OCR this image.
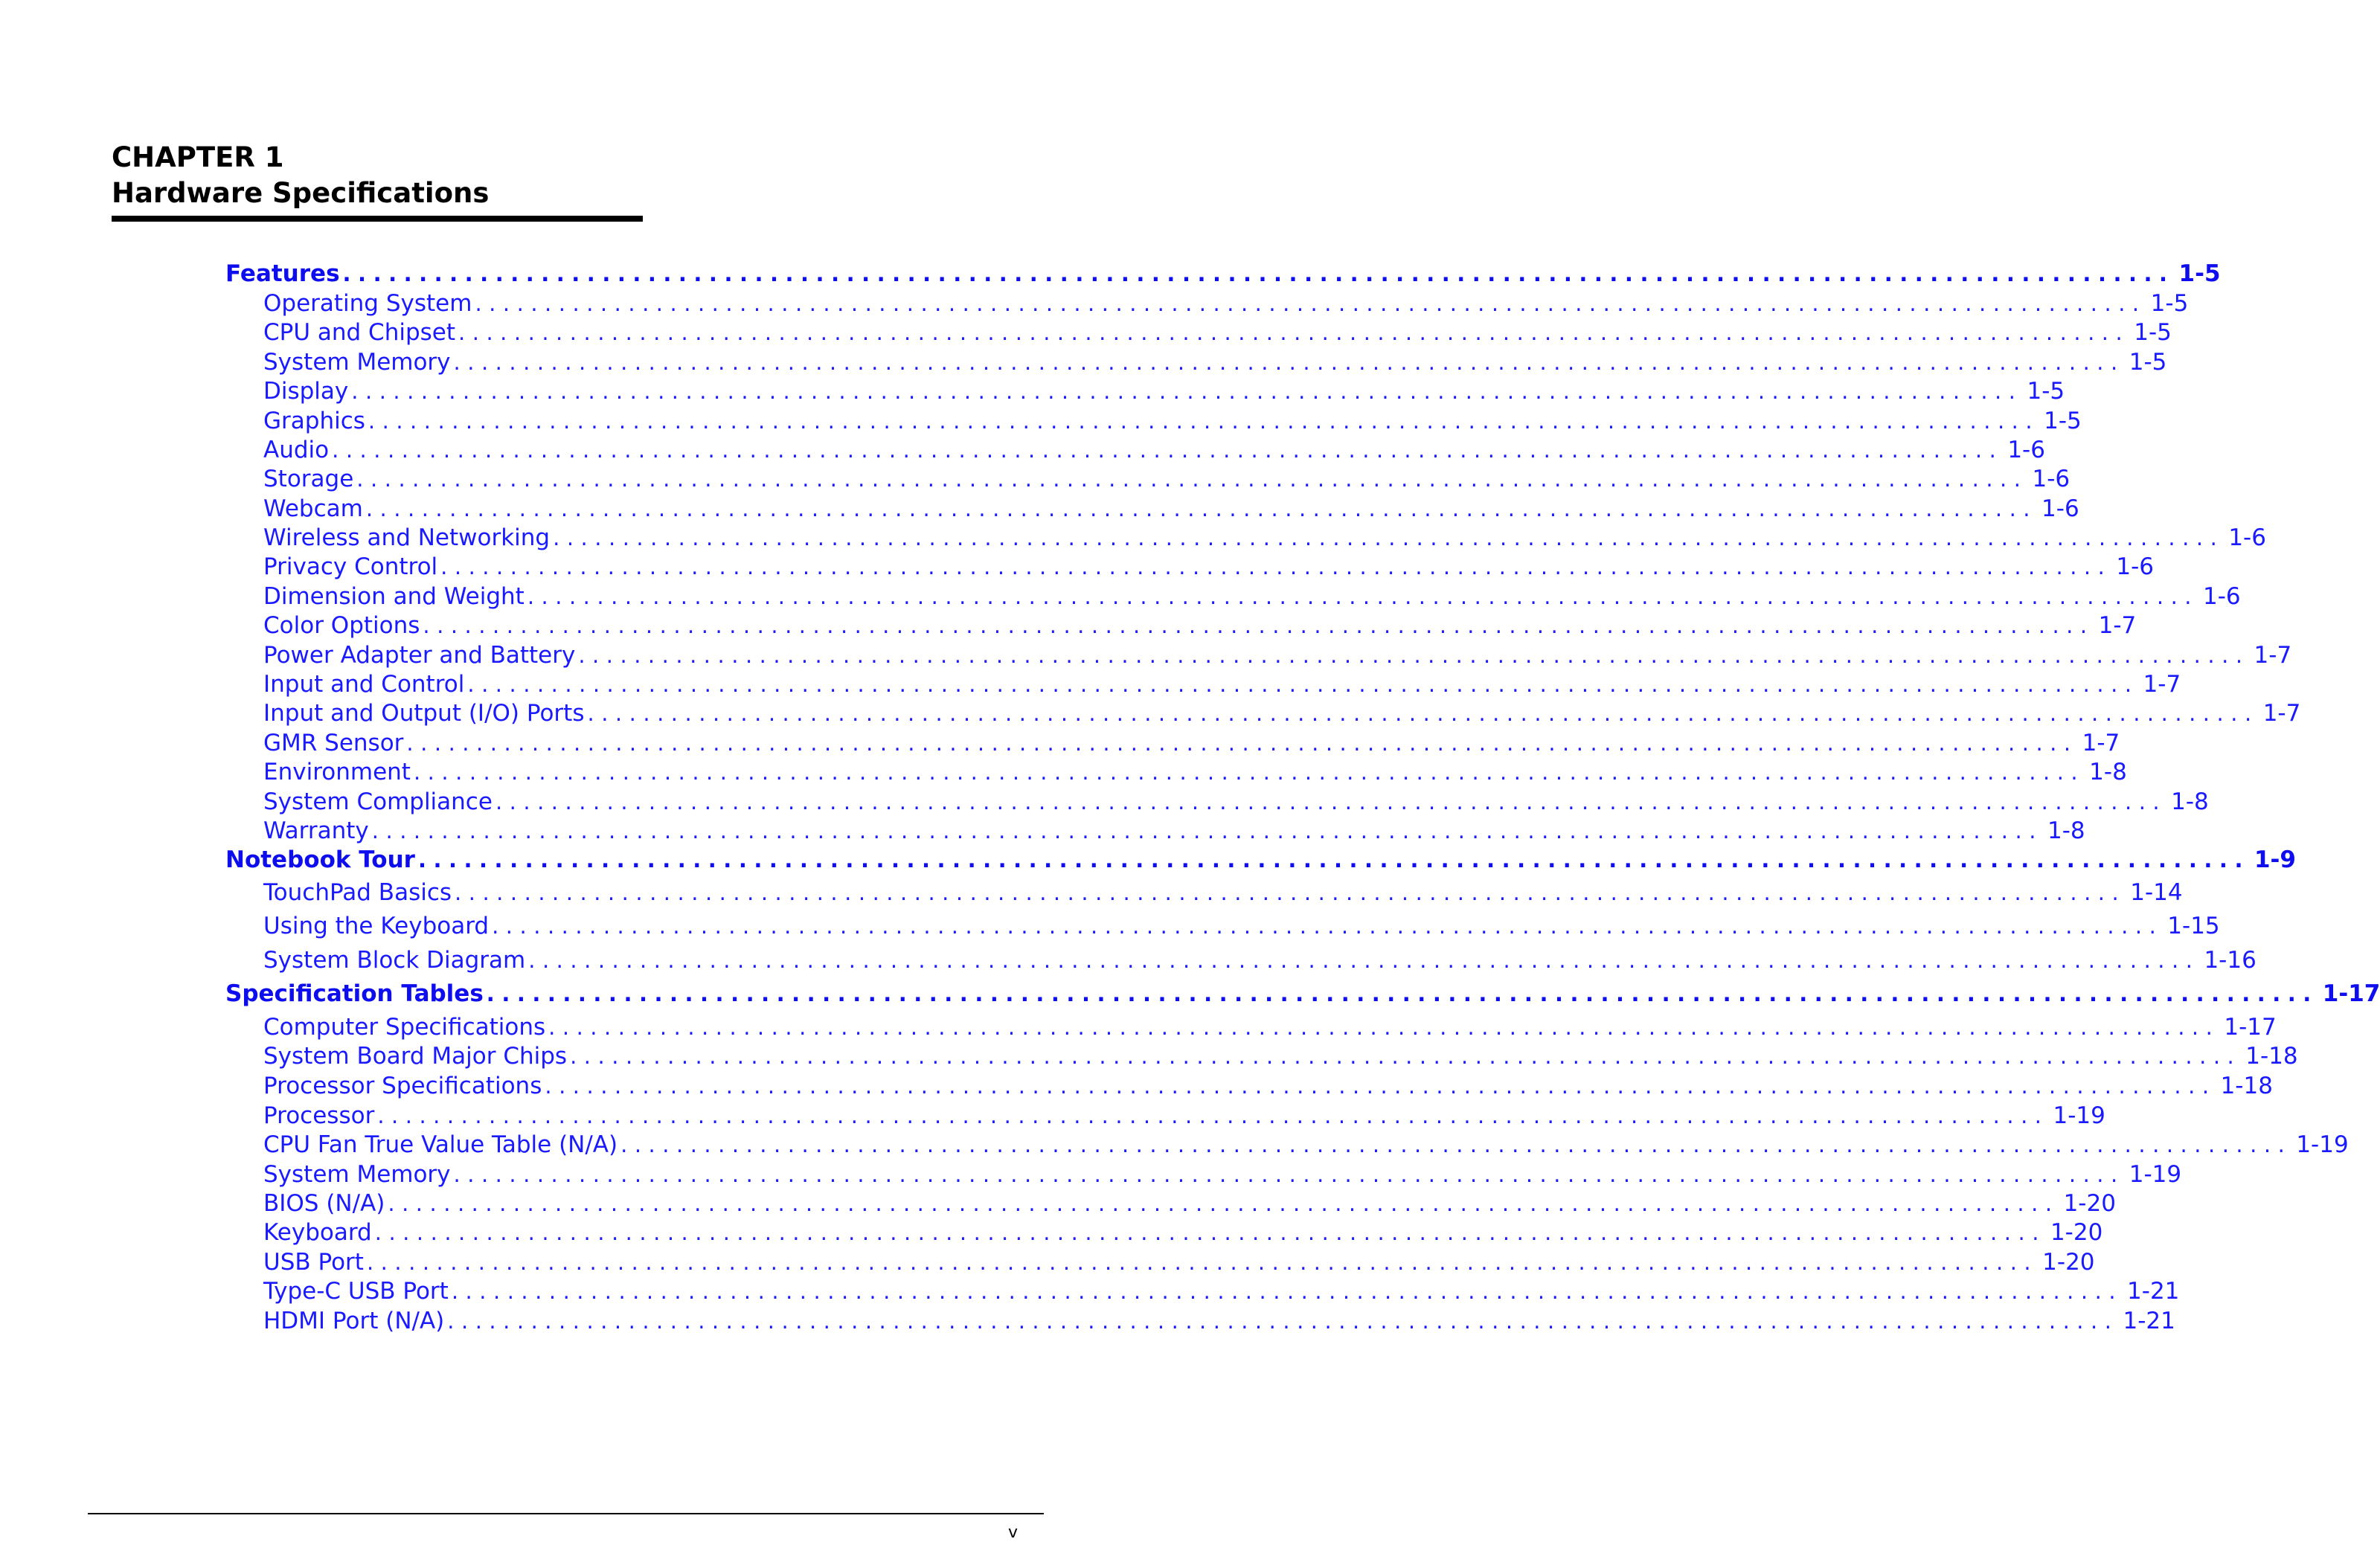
CHAPTER 1
Hardware Specifications
Features ........................................................................................................................ 1-5
Operating System ........................................................................................................................ 1-5
CPU and Chipset ........................................................................................................................ 1-5
System Memory ........................................................................................................................ 1-5
Display ........................................................................................................................ 1-5
Graphics ........................................................................................................................ 1-5
Audio ........................................................................................................................ 1-6
Storage ........................................................................................................................ 1-6
Webcam ........................................................................................................................ 1-6
Wireless and Networking ........................................................................................................................ 1-6
Privacy Control ........................................................................................................................ 1-6
Dimension and Weight ........................................................................................................................ 1-6
Color Options ........................................................................................................................ 1-7
Power Adapter and Battery ........................................................................................................................ 1-7
Input and Control ........................................................................................................................ 1-7
Input and Output (I/O) Ports ........................................................................................................................ 1-7
GMR Sensor ........................................................................................................................ 1-7
Environment ........................................................................................................................ 1-8
System Compliance ........................................................................................................................ 1-8
Warranty ........................................................................................................................ 1-8
Notebook Tour ........................................................................................................................ 1-9
TouchPad Basics ........................................................................................................................ 1-14
Using the Keyboard ........................................................................................................................ 1-15
System Block Diagram ........................................................................................................................ 1-16
Specification Tables ........................................................................................................................ 1-17
Computer Specifications ........................................................................................................................ 1-17
System Board Major Chips ........................................................................................................................ 1-18
Processor Specifications ........................................................................................................................ 1-18
Processor ........................................................................................................................ 1-19
CPU Fan True Value Table (N/A) ........................................................................................................................ 1-19
System Memory ........................................................................................................................ 1-19
BIOS (N/A) ........................................................................................................................ 1-20
Keyboard ........................................................................................................................ 1-20
USB Port ........................................................................................................................ 1-20
Type-C USB Port ........................................................................................................................ 1-21
HDMI Port (N/A) ........................................................................................................................ 1-21
v
